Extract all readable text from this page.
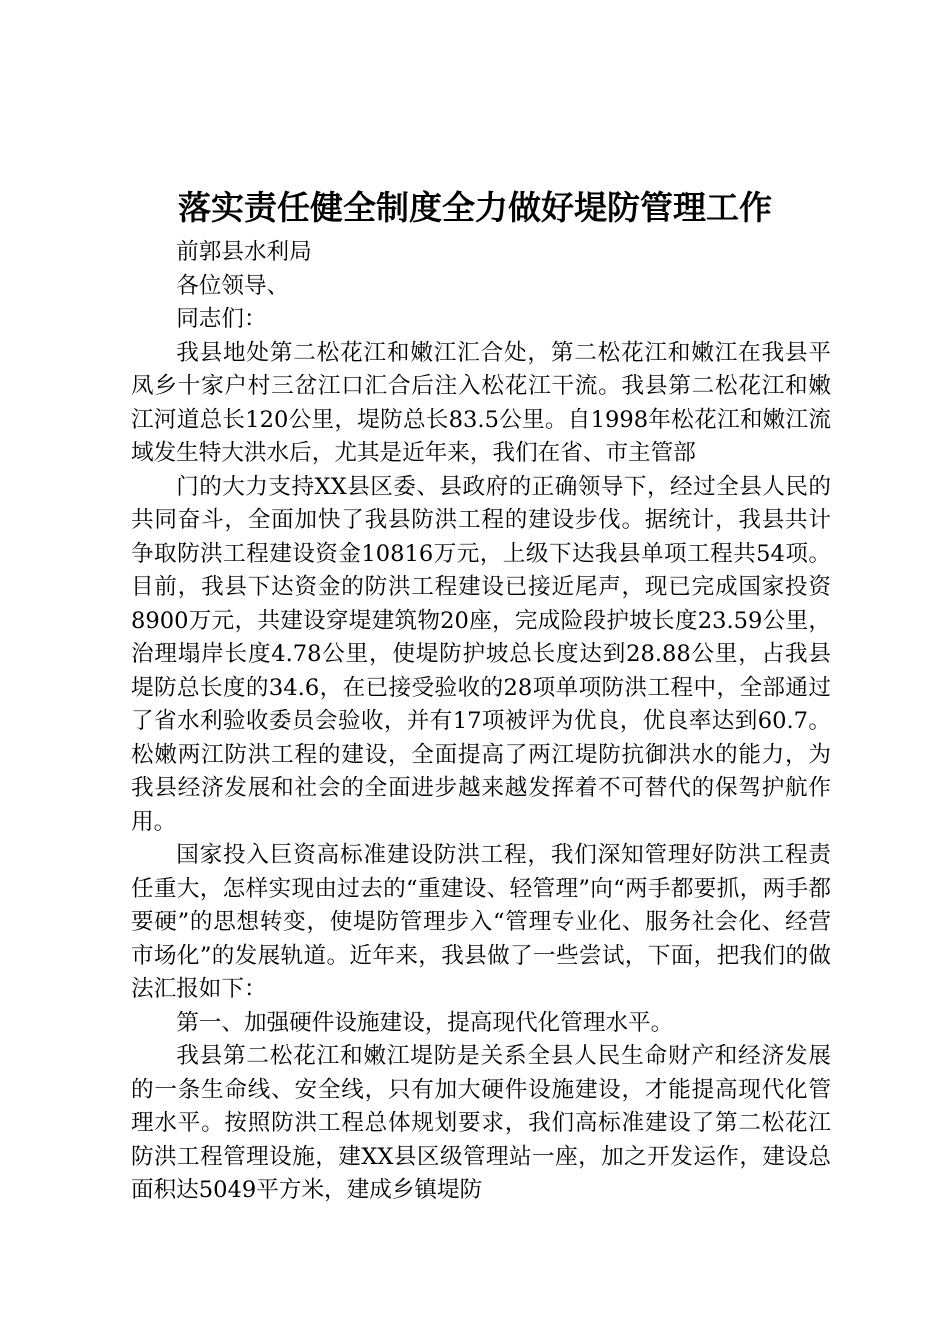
落实责任健全制度全力做好堤防管理工作

前郭县水利局

各位领导、

同志们：

我县地处第二松花江和嫩江汇合处，第二松花江和嫩江在我县平凤乡十家户村三岔江口汇合后注入松花江干流。我县第二松花江和嫩江河道总长120公里，堤防总长83.5公里。自1998年松花江和嫩江流域发生特大洪水后，尤其是近年来，我们在省、市主管部

门的大力支持XX县区委、县政府的正确领导下，经过全县人民的共同奋斗，全面加快了我县防洪工程的建设步伐。据统计，我县共计争取防洪工程建设资金10816万元，上级下达我县单项工程共54项。目前，我县下达资金的防洪工程建设已接近尾声，现已完成国家投资8900万元，共建设穿堤建筑物20座，完成险段护坡长度23.59公里，治理塌岸长度4.78公里，使堤防护坡总长度达到28.88公里，占我县堤防总长度的34.6，在已接受验收的28项单项防洪工程中，全部通过了省水利验收委员会验收，并有17项被评为优良，优良率达到60.7。松嫩两江防洪工程的建设，全面提高了两江堤防抗御洪水的能力，为我县经济发展和社会的全面进步越来越发挥着不可替代的保驾护航作用。

国家投入巨资高标准建设防洪工程，我们深知管理好防洪工程责任重大，怎样实现由过去的“重建设、轻管理”向“两手都要抓，两手都要硬”的思想转变，使堤防管理步入“管理专业化、服务社会化、经营市场化”的发展轨道。近年来，我县做了一些尝试，下面，把我们的做法汇报如下：

第一、加强硬件设施建设，提高现代化管理水平。

我县第二松花江和嫩江堤防是关系全县人民生命财产和经济发展的一条生命线、安全线，只有加大硬件设施建设，才能提高现代化管理水平。按照防洪工程总体规划要求，我们高标准建设了第二松花江防洪工程管理设施，建XX县区级管理站一座，加之开发运作，建设总面积达5049平方米，建成乡镇堤防
